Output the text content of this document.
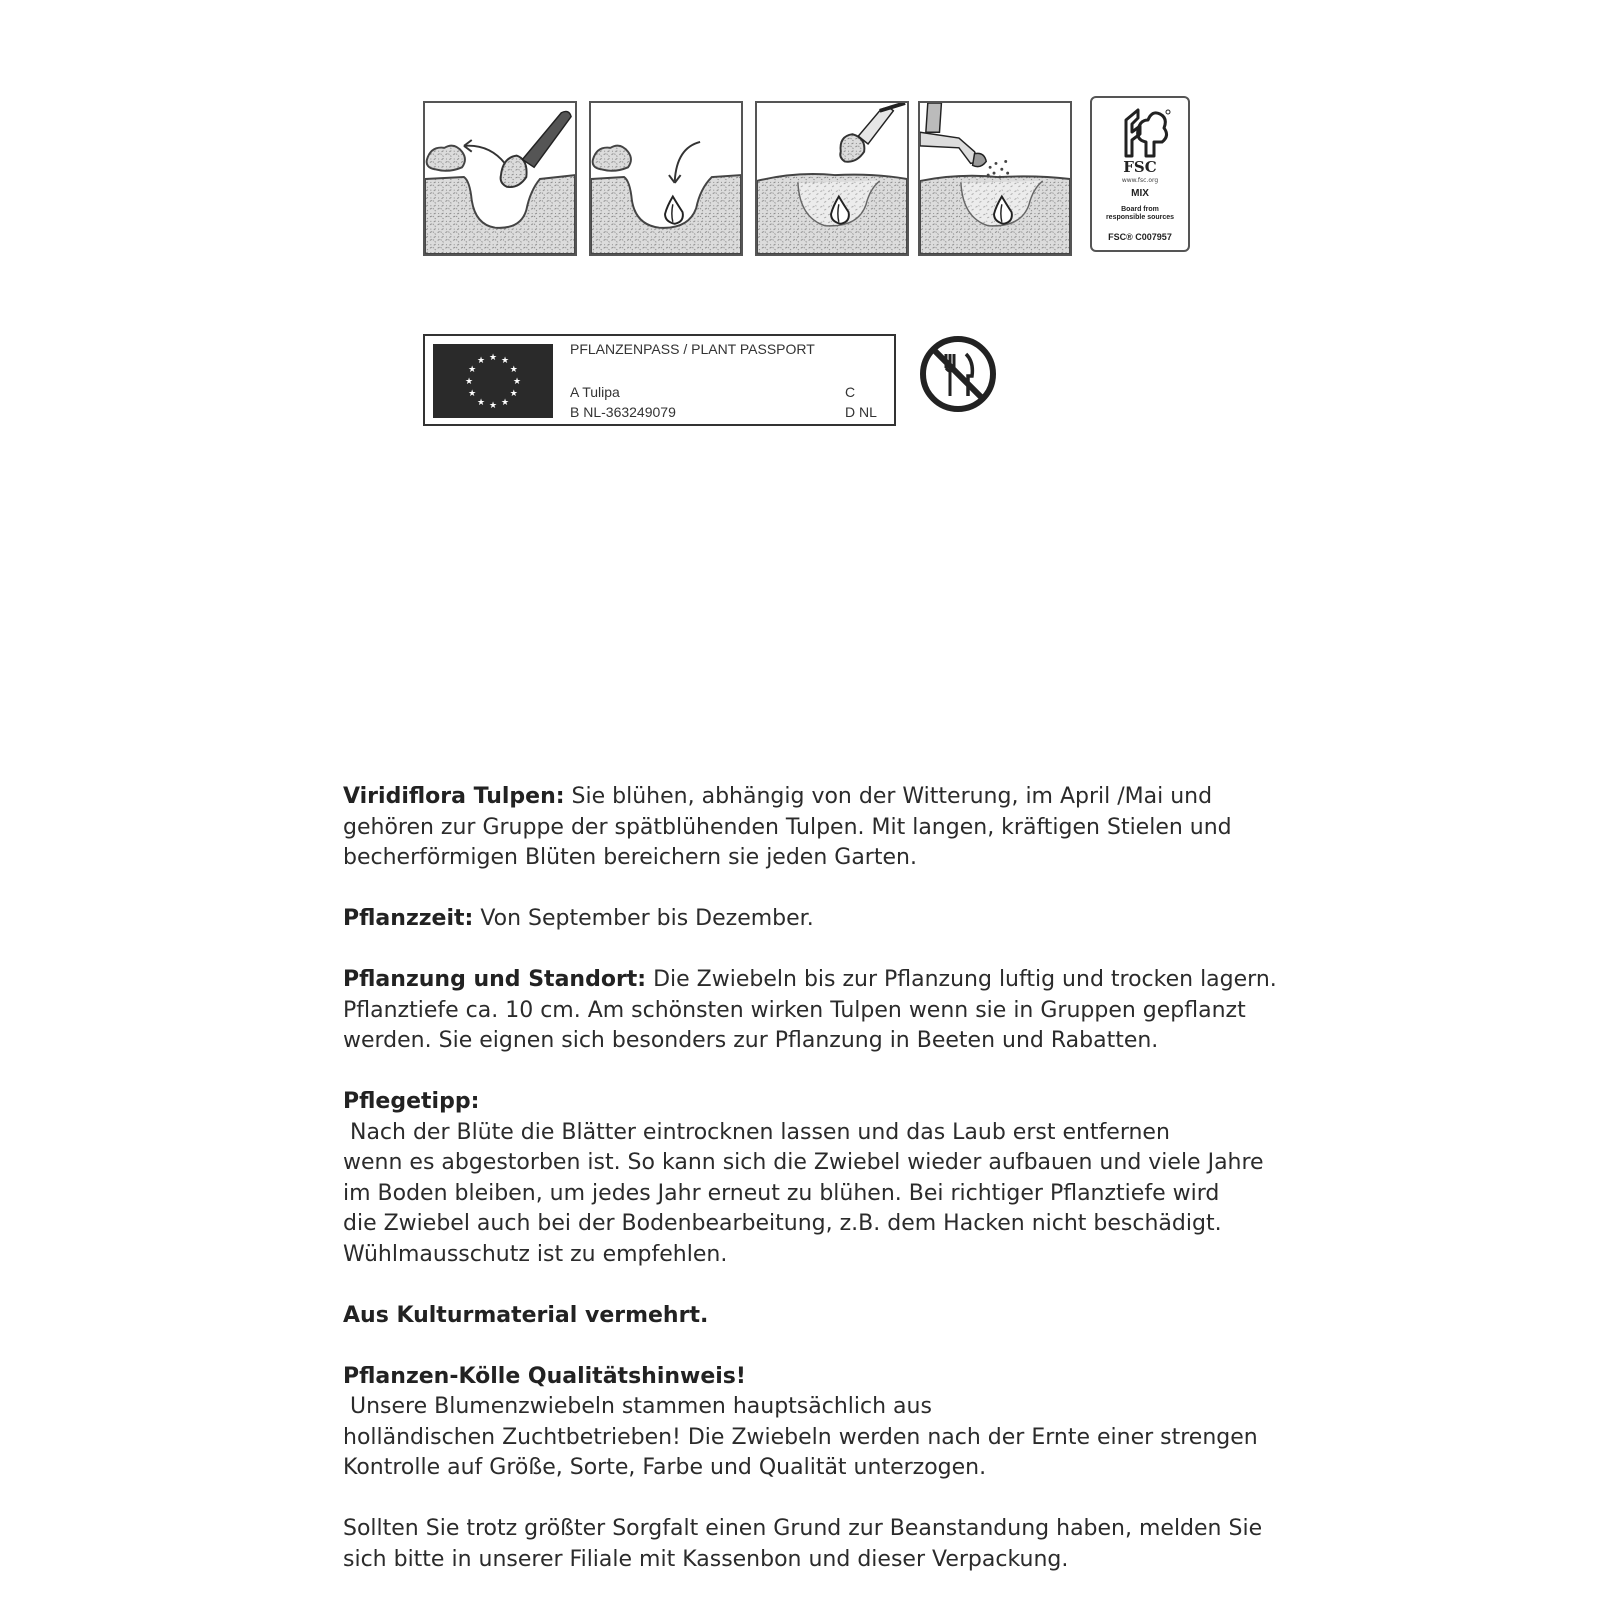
FSC
www.fsc.org
MIX
Board from
responsible sources
FSC® C007957
★
★
★
★
★
★
★
★
★ ★ ★
★
PFLANZENPASS / PLANT PASSPORT
A Tulipa
B NL-363249079
C
D NL
Viridiflora Tulpen: Sie blühen, abhängig von der Witterung, im April /Mai und
gehören zur Gruppe der spätblühenden Tulpen. Mit langen, kräftigen Stielen und
becherförmigen Blüten bereichern sie jeden Garten.
Pflanzzeit: Von September bis Dezember.
Pflanzung und Standort: Die Zwiebeln bis zur Pflanzung luftig und trocken lagern.
Pflanztiefe ca. 10 cm. Am schönsten wirken Tulpen wenn sie in Gruppen gepflanzt
werden. Sie eignen sich besonders zur Pflanzung in Beeten und Rabatten.
Pflegetipp: Nach der Blüte die Blätter eintrocknen lassen und das Laub erst entfernen
wenn es abgestorben ist. So kann sich die Zwiebel wieder aufbauen und viele Jahre
im Boden bleiben, um jedes Jahr erneut zu blühen. Bei richtiger Pflanztiefe wird
die Zwiebel auch bei der Bodenbearbeitung, z.B. dem Hacken nicht beschädigt.
Wühlmausschutz ist zu empfehlen.
Aus Kulturmaterial vermehrt.
Pflanzen-Kölle Qualitätshinweis! Unsere Blumenzwiebeln stammen hauptsächlich aus
holländischen Zuchtbetrieben! Die Zwiebeln werden nach der Ernte einer strengen
Kontrolle auf Größe, Sorte, Farbe und Qualität unterzogen.
Sollten Sie trotz größter Sorgfalt einen Grund zur Beanstandung haben, melden Sie
sich bitte in unserer Filiale mit Kassenbon und dieser Verpackung.
